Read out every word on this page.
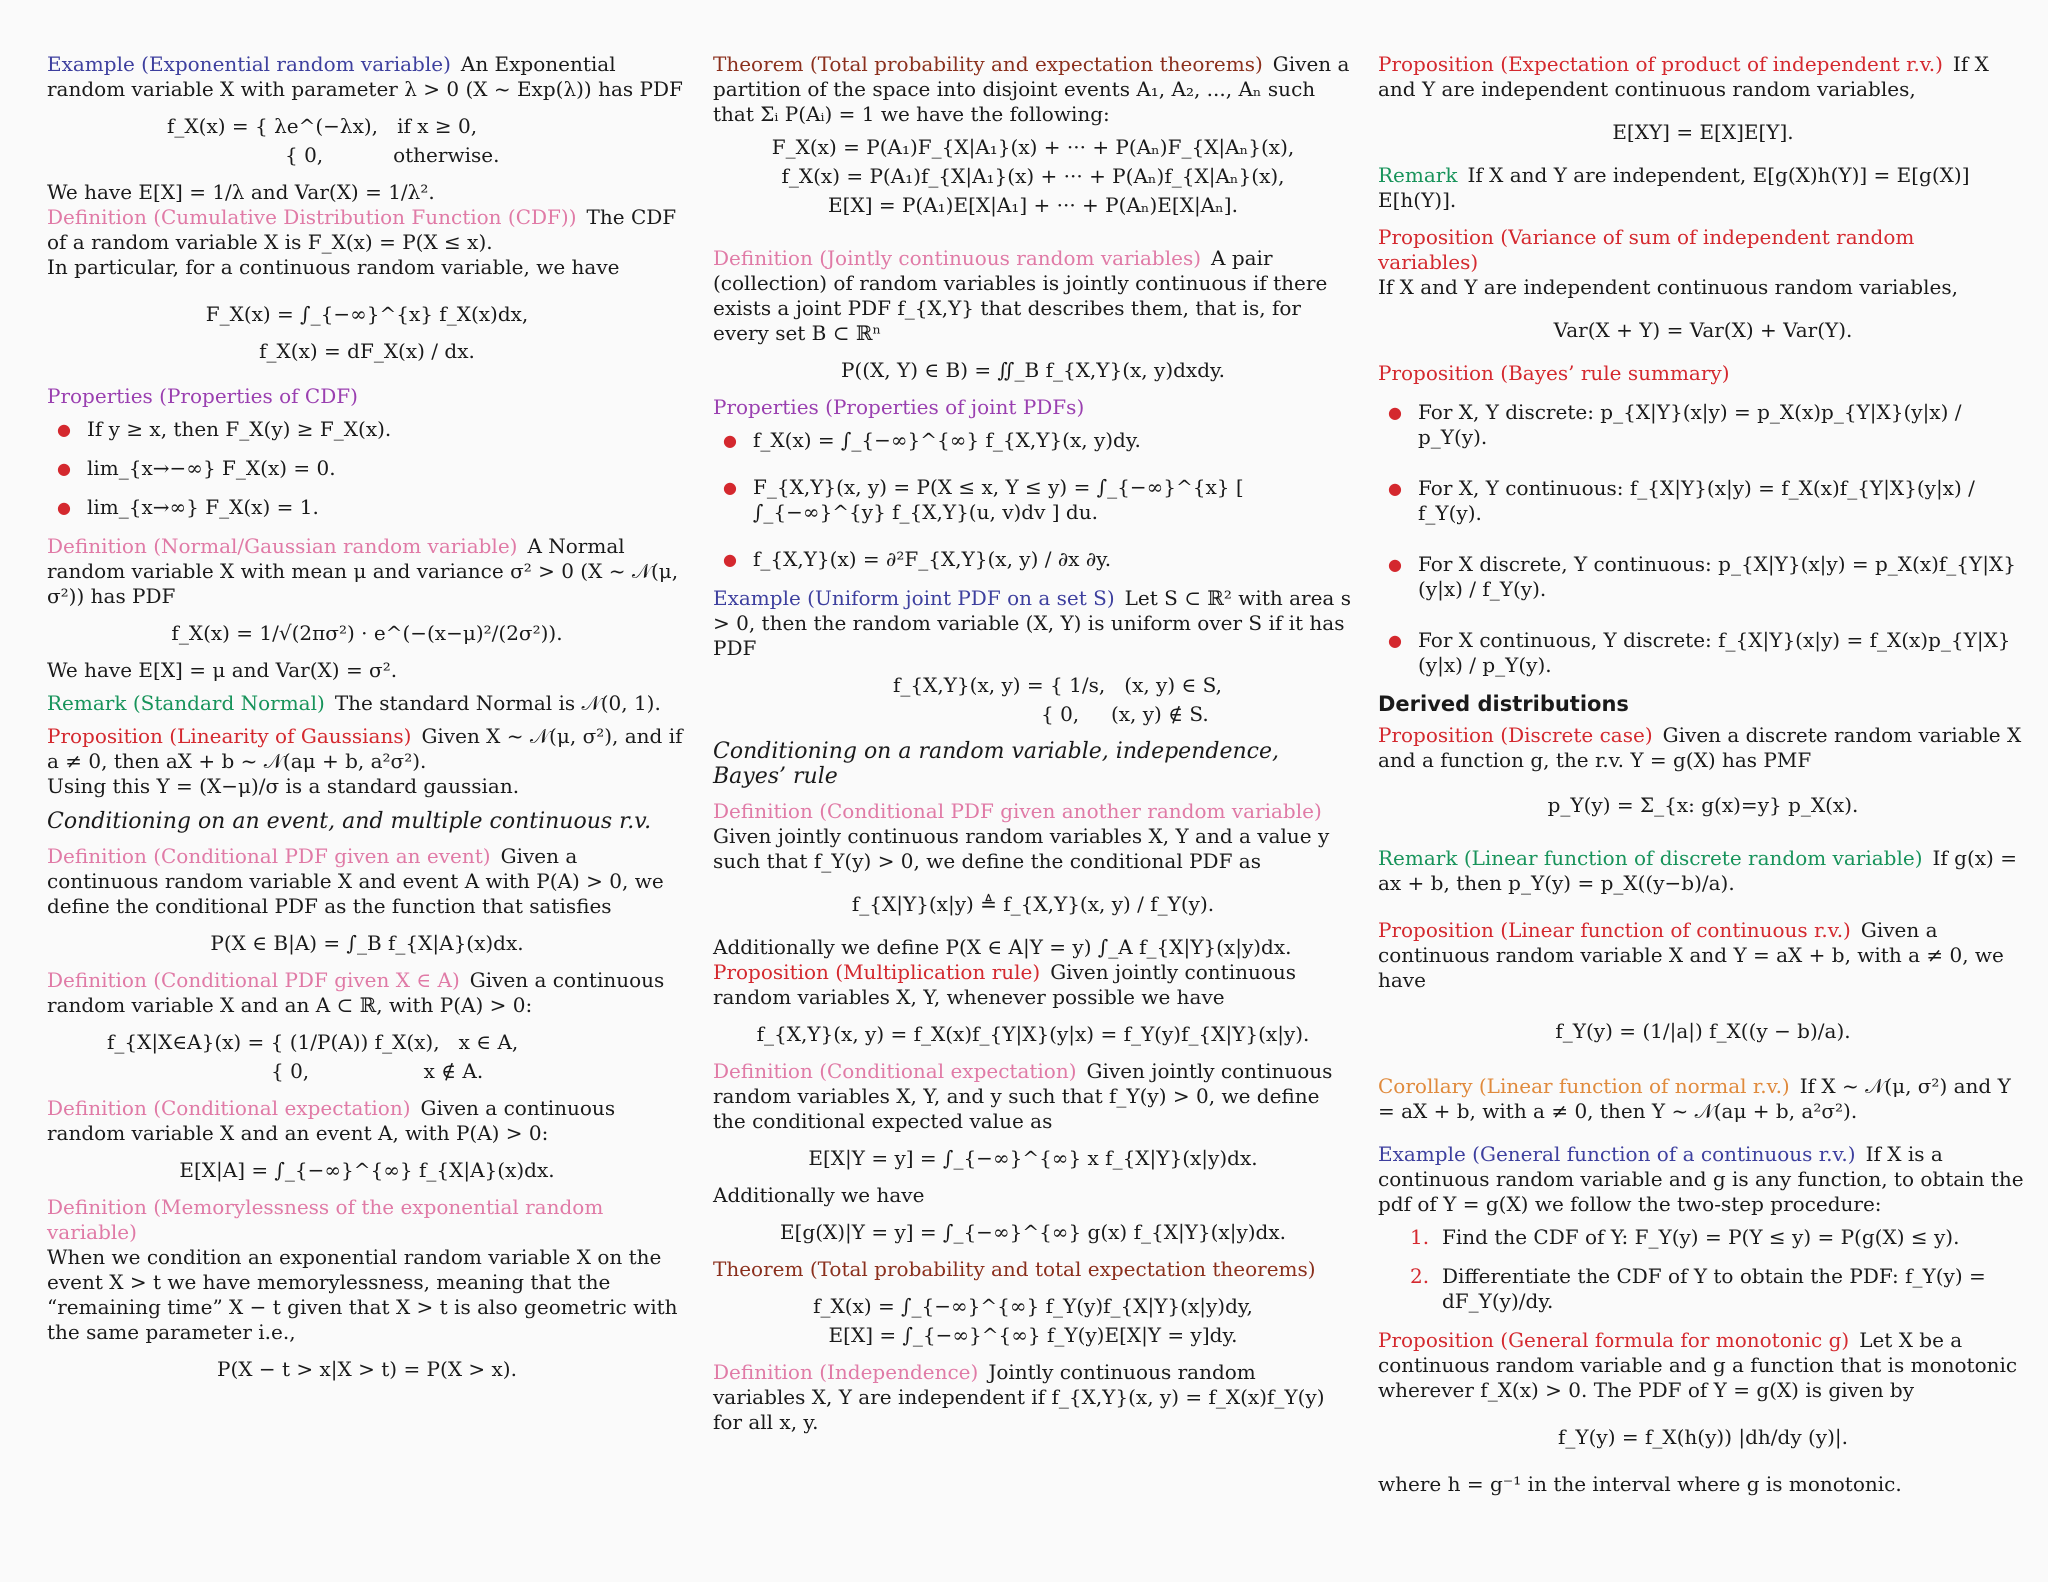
Example (Exponential random variable) An Exponential random variable X with parameter λ > 0 (X ~ Exp(λ)) has PDF
f_X(x) = { λe^(−λx),   if x ≥ 0,
{ 0,           otherwise.
We have E[X] = 1/λ and Var(X) = 1/λ².
Definition (Cumulative Distribution Function (CDF)) The CDF of a random variable X is F_X(x) = P(X ≤ x).
In particular, for a continuous random variable, we have
F_X(x) = ∫_{−∞}^{x} f_X(x)dx,
f_X(x) = dF_X(x) / dx.
Properties (Properties of CDF)
● If y ≥ x, then F_X(y) ≥ F_X(x).
● lim_{x→−∞} F_X(x) = 0.
● lim_{x→∞} F_X(x) = 1.
Definition (Normal/Gaussian random variable) A Normal random variable X with mean μ and variance σ² > 0 (X ~ 𝒩(μ, σ²)) has PDF
f_X(x) = 1/√(2πσ²) · e^(−(x−μ)²/(2σ²)).
We have E[X] = μ and Var(X) = σ².
Remark (Standard Normal) The standard Normal is 𝒩(0, 1).
Proposition (Linearity of Gaussians) Given X ~ 𝒩(μ, σ²), and if a ≠ 0, then aX + b ~ 𝒩(aμ + b, a²σ²).
Using this Y = (X−μ)/σ is a standard gaussian.
Conditioning on an event, and multiple continuous r.v.
Definition (Conditional PDF given an event) Given a continuous random variable X and event A with P(A) > 0, we define the conditional PDF as the function that satisfies
P(X ∈ B|A) = ∫_B f_{X|A}(x)dx.
Definition (Conditional PDF given X ∈ A) Given a continuous random variable X and an A ⊂ ℝ, with P(A) > 0:
f_{X|X∈A}(x) = { (1/P(A)) f_X(x),   x ∈ A,
{ 0,                  x ∉ A.
Definition (Conditional expectation) Given a continuous random variable X and an event A, with P(A) > 0:
E[X|A] = ∫_{−∞}^{∞} f_{X|A}(x)dx.
Definition (Memorylessness of the exponential random variable)
When we condition an exponential random variable X on the event X > t we have memorylessness, meaning that the “remaining time” X − t given that X > t is also geometric with the same parameter i.e.,
P(X − t > x|X > t) = P(X > x).
Theorem (Total probability and expectation theorems) Given a partition of the space into disjoint events A₁, A₂, ..., Aₙ such that Σᵢ P(Aᵢ) = 1 we have the following:
F_X(x) = P(A₁)F_{X|A₁}(x) + ··· + P(Aₙ)F_{X|Aₙ}(x),
f_X(x) = P(A₁)f_{X|A₁}(x) + ··· + P(Aₙ)f_{X|Aₙ}(x),
E[X] = P(A₁)E[X|A₁] + ··· + P(Aₙ)E[X|Aₙ].
Definition (Jointly continuous random variables) A pair (collection) of random variables is jointly continuous if there exists a joint PDF f_{X,Y} that describes them, that is, for every set B ⊂ ℝⁿ
P((X, Y) ∈ B) = ∬_B f_{X,Y}(x, y)dxdy.
Properties (Properties of joint PDFs)
● f_X(x) = ∫_{−∞}^{∞} f_{X,Y}(x, y)dy.
● F_{X,Y}(x, y) = P(X ≤ x, Y ≤ y) = ∫_{−∞}^{x} [ ∫_{−∞}^{y} f_{X,Y}(u, v)dv ] du.
● f_{X,Y}(x) = ∂²F_{X,Y}(x, y) / ∂x ∂y.
Example (Uniform joint PDF on a set S) Let S ⊂ ℝ² with area s > 0, then the random variable (X, Y) is uniform over S if it has PDF
f_{X,Y}(x, y) = { 1/s,   (x, y) ∈ S,
{ 0,     (x, y) ∉ S.
Conditioning on a random variable, independence, Bayes’ rule
Definition (Conditional PDF given another random variable)
Given jointly continuous random variables X, Y and a value y such that f_Y(y) > 0, we define the conditional PDF as
f_{X|Y}(x|y) ≜ f_{X,Y}(x, y) / f_Y(y).
Additionally we define P(X ∈ A|Y = y) ∫_A f_{X|Y}(x|y)dx.
Proposition (Multiplication rule) Given jointly continuous random variables X, Y, whenever possible we have
f_{X,Y}(x, y) = f_X(x)f_{Y|X}(y|x) = f_Y(y)f_{X|Y}(x|y).
Definition (Conditional expectation) Given jointly continuous random variables X, Y, and y such that f_Y(y) > 0, we define the conditional expected value as
E[X|Y = y] = ∫_{−∞}^{∞} x f_{X|Y}(x|y)dx.
Additionally we have
E[g(X)|Y = y] = ∫_{−∞}^{∞} g(x) f_{X|Y}(x|y)dx.
Theorem (Total probability and total expectation theorems)
f_X(x) = ∫_{−∞}^{∞} f_Y(y)f_{X|Y}(x|y)dy,
E[X] = ∫_{−∞}^{∞} f_Y(y)E[X|Y = y]dy.
Definition (Independence) Jointly continuous random variables X, Y are independent if f_{X,Y}(x, y) = f_X(x)f_Y(y) for all x, y.
Proposition (Expectation of product of independent r.v.) If X and Y are independent continuous random variables,
E[XY] = E[X]E[Y].
Remark If X and Y are independent, E[g(X)h(Y)] = E[g(X)] E[h(Y)].
Proposition (Variance of sum of independent random variables)
If X and Y are independent continuous random variables,
Var(X + Y) = Var(X) + Var(Y).
Proposition (Bayes’ rule summary)
● For X, Y discrete: p_{X|Y}(x|y) = p_X(x)p_{Y|X}(y|x) / p_Y(y).
● For X, Y continuous: f_{X|Y}(x|y) = f_X(x)f_{Y|X}(y|x) / f_Y(y).
● For X discrete, Y continuous: p_{X|Y}(x|y) = p_X(x)f_{Y|X}(y|x) / f_Y(y).
● For X continuous, Y discrete: f_{X|Y}(x|y) = f_X(x)p_{Y|X}(y|x) / p_Y(y).
Derived distributions
Proposition (Discrete case) Given a discrete random variable X and a function g, the r.v. Y = g(X) has PMF
p_Y(y) = Σ_{x: g(x)=y} p_X(x).
Remark (Linear function of discrete random variable) If g(x) = ax + b, then p_Y(y) = p_X((y−b)/a).
Proposition (Linear function of continuous r.v.) Given a continuous random variable X and Y = aX + b, with a ≠ 0, we have
f_Y(y) = (1/|a|) f_X((y − b)/a).
Corollary (Linear function of normal r.v.) If X ~ 𝒩(μ, σ²) and Y = aX + b, with a ≠ 0, then Y ~ 𝒩(aμ + b, a²σ²).
Example (General function of a continuous r.v.) If X is a continuous random variable and g is any function, to obtain the pdf of Y = g(X) we follow the two-step procedure:
1. Find the CDF of Y: F_Y(y) = P(Y ≤ y) = P(g(X) ≤ y).
2. Differentiate the CDF of Y to obtain the PDF: f_Y(y) = dF_Y(y)/dy.
Proposition (General formula for monotonic g) Let X be a continuous random variable and g a function that is monotonic wherever f_X(x) > 0. The PDF of Y = g(X) is given by
f_Y(y) = f_X(h(y)) |dh/dy (y)|.
where h = g⁻¹ in the interval where g is monotonic.
